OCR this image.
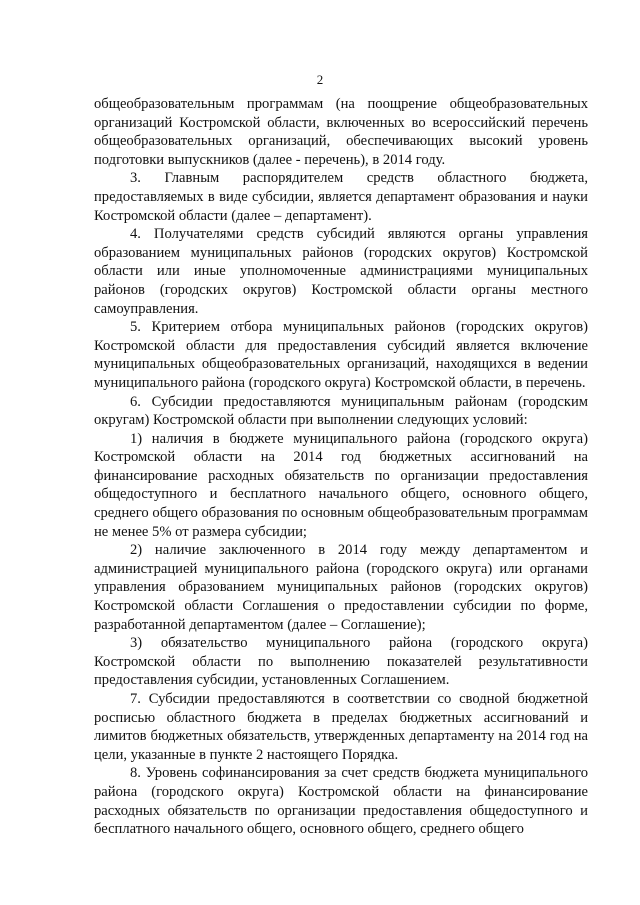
2

общеобразовательным программам (на поощрение общеобразовательных организаций Костромской области, включенных во всероссийский перечень общеобразовательных организаций, обеспечивающих высокий уровень подготовки выпускников (далее - перечень), в 2014 году.

3. Главным распорядителем средств областного бюджета, предоставляемых в виде субсидии, является департамент образования и науки Костромской области (далее – департамент).

4. Получателями средств субсидий являются органы управления образованием муниципальных районов (городских округов) Костромской области или иные уполномоченные администрациями муниципальных районов (городских округов) Костромской области органы местного самоуправления.

5. Критерием отбора муниципальных районов (городских округов) Костромской области для предоставления субсидий является включение муниципальных общеобразовательных организаций, находящихся в ведении муниципального района (городского округа) Костромской области, в перечень.

6. Субсидии предоставляются муниципальным районам (городским округам) Костромской области при выполнении следующих условий:

1) наличия в бюджете муниципального района (городского округа) Костромской области на 2014 год бюджетных ассигнований на финансирование расходных обязательств по организации предоставления общедоступного и бесплатного начального общего, основного общего, среднего общего образования по основным общеобразовательным программам не менее 5% от размера субсидии;

2) наличие заключенного в 2014 году между департаментом и администрацией муниципального района (городского округа) или органами управления образованием муниципальных районов (городских округов) Костромской области Соглашения о предоставлении субсидии по форме, разработанной департаментом (далее – Соглашение);

3) обязательство муниципального района (городского округа) Костромской области по выполнению показателей результативности предоставления субсидии, установленных Соглашением.

7. Субсидии предоставляются в соответствии со сводной бюджетной росписью областного бюджета в пределах бюджетных ассигнований и лимитов бюджетных обязательств, утвержденных департаменту на 2014 год на цели, указанные в пункте 2 настоящего Порядка.

8. Уровень софинансирования за счет средств бюджета муниципального района (городского округа) Костромской области на финансирование расходных обязательств по организации предоставления общедоступного и бесплатного начального общего, основного общего, среднего общего
